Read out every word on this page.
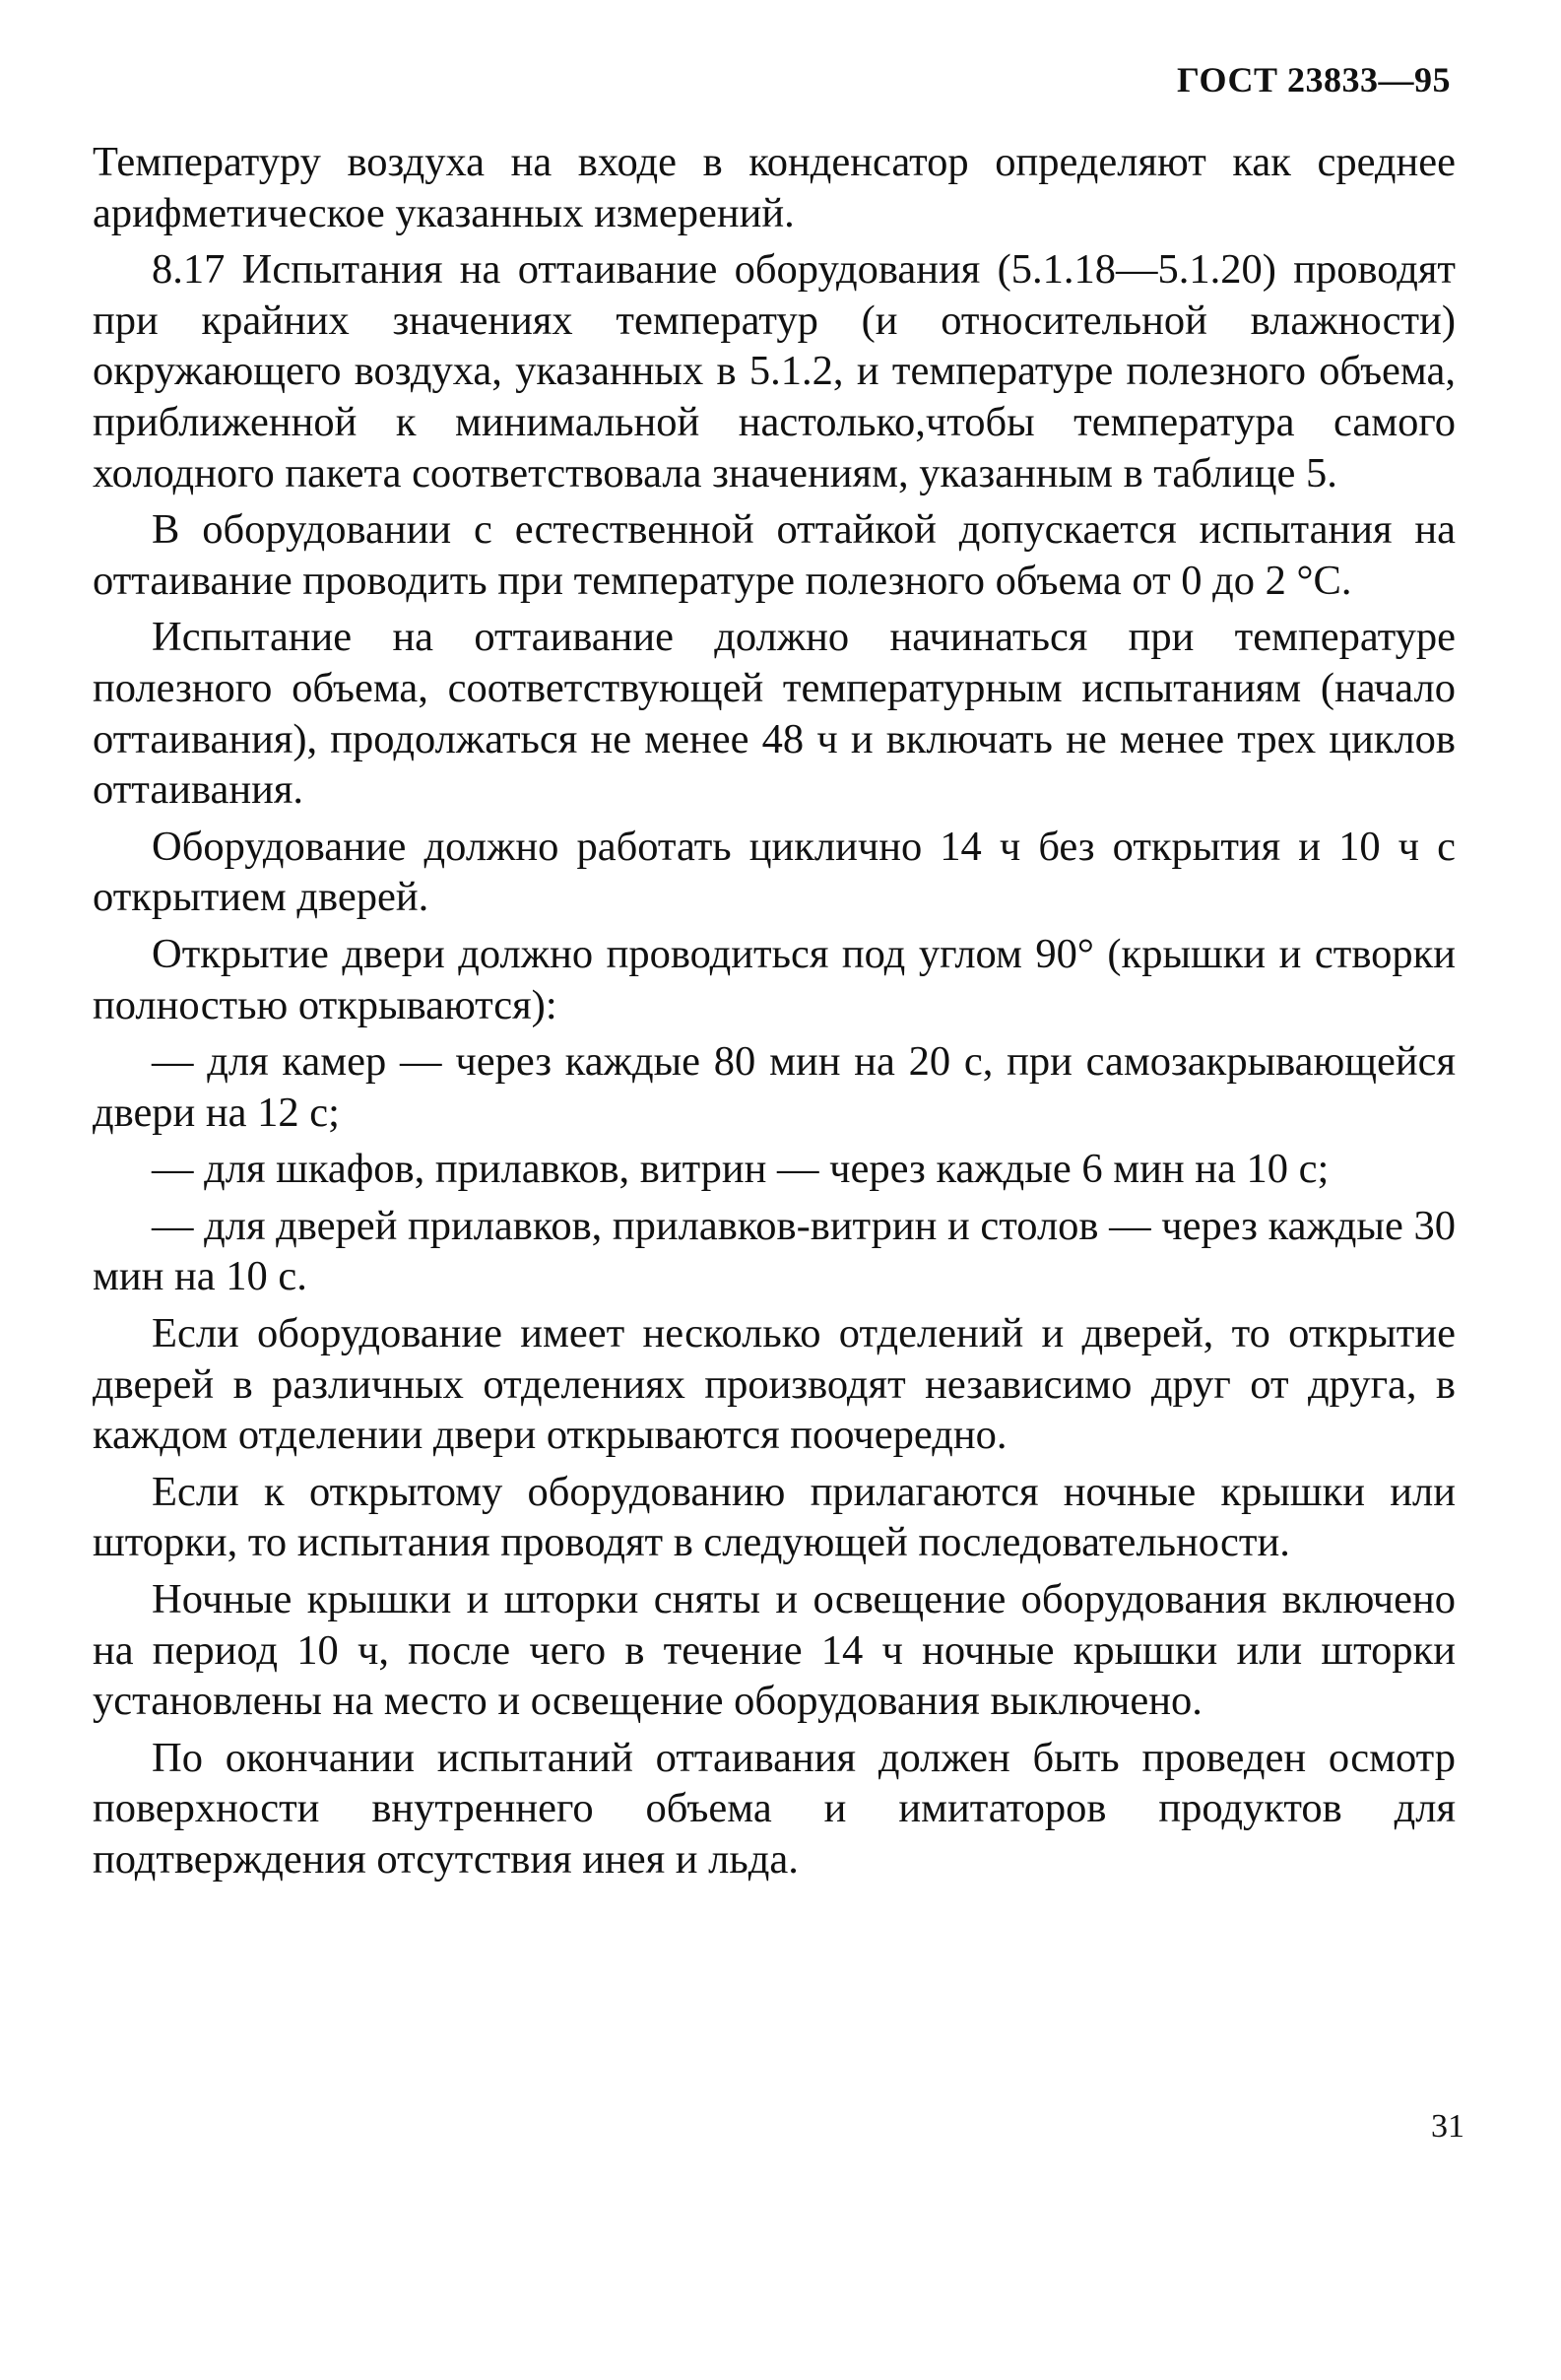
ГОСТ 23833—95

Температуру воздуха на входе в конденсатор определяют как среднее арифметическое указанных измерений.

8.17 Испытания на оттаивание оборудования (5.1.18—5.1.20) проводят при крайних значениях температур (и относительной влажности) окружающего воздуха, указанных в 5.1.2, и температуре полезного объема, приближенной к минимальной настолько,чтобы температура самого холодного пакета соответствовала значениям, указанным в таблице 5.

В оборудовании с естественной оттайкой допускается испытания на оттаивание проводить при температуре полезного объема от 0 до 2 °С.

Испытание на оттаивание должно начинаться при температуре полезного объема, соответствующей температурным испытаниям (начало оттаивания), продолжаться не менее 48 ч и включать не менее трех циклов оттаивания.

Оборудование должно работать циклично 14 ч без открытия и 10 ч с открытием дверей.

Открытие двери должно проводиться под углом 90° (крышки и створки полностью открываются):

— для камер — через каждые 80 мин на 20 с, при самозакрывающейся двери на 12 с;

— для шкафов, прилавков, витрин — через каждые 6 мин на 10 с;

— для дверей прилавков, прилавков-витрин и столов — через каждые 30 мин на 10 с.

Если оборудование имеет несколько отделений и дверей, то открытие дверей в различных отделениях производят независимо друг от друга, в каждом отделении двери открываются поочередно.

Если к открытому оборудованию прилагаются ночные крышки или шторки, то испытания проводят в следующей последовательности.

Ночные крышки и шторки сняты и освещение оборудования включено на период 10 ч, после чего в течение 14 ч ночные крышки или шторки установлены на место и освещение оборудования выключено.

По окончании испытаний оттаивания должен быть проведен осмотр поверхности внутреннего объема и имитаторов продуктов для подтверждения отсутствия инея и льда.

31
